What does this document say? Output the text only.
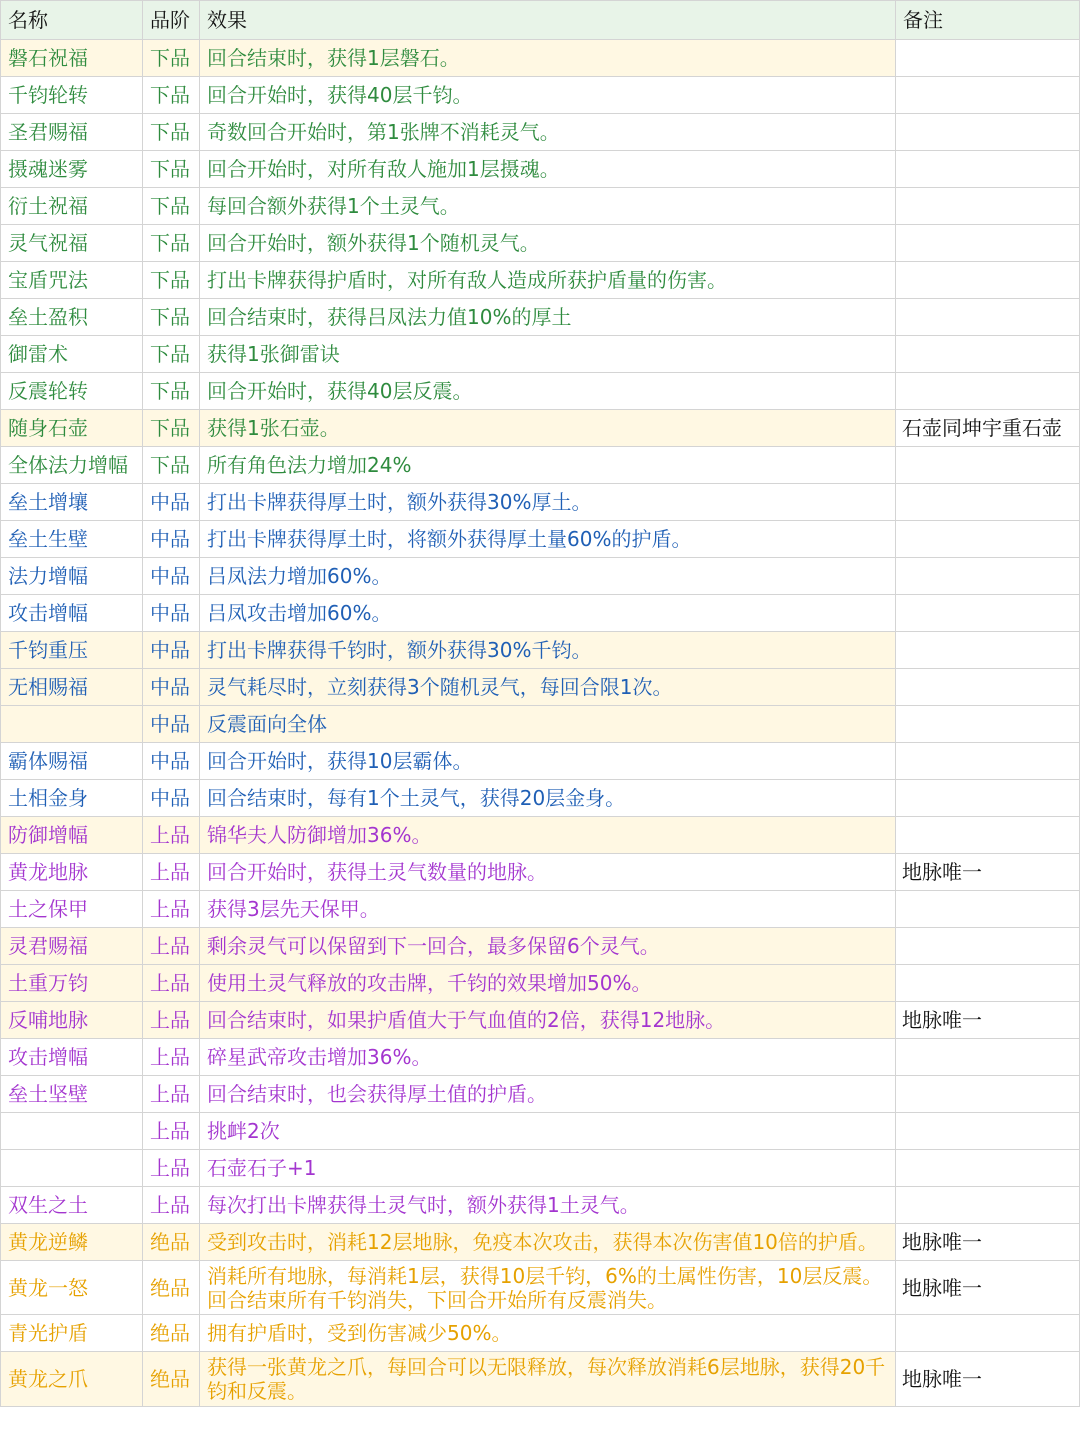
名称	品阶	效果	备注
磐石祝福	下品	回合结束时，获得1层磐石。	
千钧轮转	下品	回合开始时，获得40层千钧。	
圣君赐福	下品	奇数回合开始时，第1张牌不消耗灵气。	
摄魂迷雾	下品	回合开始时，对所有敌人施加1层摄魂。	
衍土祝福	下品	每回合额外获得1个土灵气。	
灵气祝福	下品	回合开始时，额外获得1个随机灵气。	
宝盾咒法	下品	打出卡牌获得护盾时，对所有敌人造成所获护盾量的伤害。	
垒土盈积	下品	回合结束时，获得吕凤法力值10%的厚土	
御雷术	下品	获得1张御雷诀	
反震轮转	下品	回合开始时，获得40层反震。	
随身石壶	下品	获得1张石壶。	石壶同坤宇重石壶
全体法力增幅	下品	所有角色法力增加24%	
垒土增壤	中品	打出卡牌获得厚土时，额外获得30%厚土。	
垒土生壁	中品	打出卡牌获得厚土时，将额外获得厚土量60%的护盾。	
法力增幅	中品	吕凤法力增加60%。	
攻击增幅	中品	吕凤攻击增加60%。	
千钧重压	中品	打出卡牌获得千钧时，额外获得30%千钧。	
无相赐福	中品	灵气耗尽时，立刻获得3个随机灵气，每回合限1次。	
	中品	反震面向全体	
霸体赐福	中品	回合开始时，获得10层霸体。	
土相金身	中品	回合结束时，每有1个土灵气，获得20层金身。	
防御增幅	上品	锦华夫人防御增加36%。	
黄龙地脉	上品	回合开始时，获得土灵气数量的地脉。	地脉唯一
土之保甲	上品	获得3层先天保甲。	
灵君赐福	上品	剩余灵气可以保留到下一回合，最多保留6个灵气。	
土重万钧	上品	使用土灵气释放的攻击牌，千钧的效果增加50%。	
反哺地脉	上品	回合结束时，如果护盾值大于气血值的2倍，获得12地脉。	地脉唯一
攻击增幅	上品	碎星武帝攻击增加36%。	
垒土坚壁	上品	回合结束时，也会获得厚土值的护盾。	
	上品	挑衅2次	
	上品	石壶石子+1	
双生之土	上品	每次打出卡牌获得土灵气时，额外获得1土灵气。	
黄龙逆鳞	绝品	受到攻击时，消耗12层地脉，免疫本次攻击，获得本次伤害值10倍的护盾。	地脉唯一
黄龙一怒	绝品	消耗所有地脉，每消耗1层，获得10层千钧，6%的土属性伤害，10层反震。回合结束所有千钧消失，下回合开始所有反震消失。	地脉唯一
青光护盾	绝品	拥有护盾时，受到伤害减少50%。	
黄龙之爪	绝品	获得一张黄龙之爪，每回合可以无限释放，每次释放消耗6层地脉，获得20千钧和反震。	地脉唯一
